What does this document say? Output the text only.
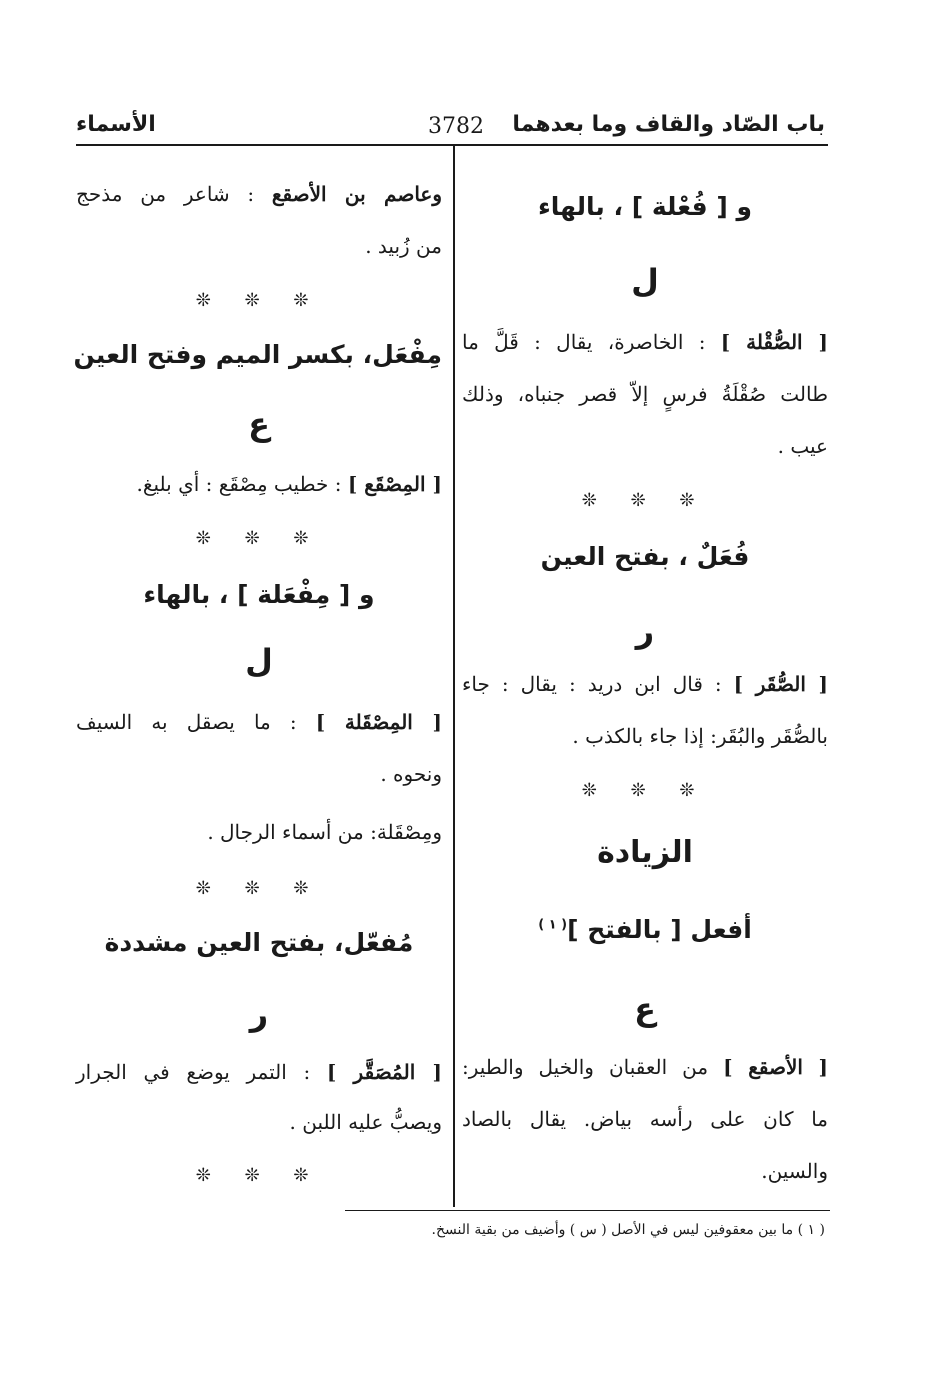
باب الصّاد والقاف وما بعدهما
3782
الأسماء
و [ فُعْلة ] ، بالهاء
ل
[ الصُّقْلة ] : الخاصرة، يقال : قَلَّ ما
طالت صُقْلَةُ فرسٍ إلاّ قصر جنباه، وذلك
عيب .
❊ ❊ ❊
فُعَلٌ ، بفتح العين
ر
[ الصُّقَر ] : قال ابن دريد : يقال : جاء
بالصُّقَر والبُقَر: إذا جاء بالكذب .
❊ ❊ ❊
الزيادة
أفعل [ بالفتح ]$^{( ١ )}$
ع
[ الأصقع ] من العقبان والخيل والطير:
ما كان على رأسه بياض. يقال بالصاد
والسين.
وعاصم بن الأصقع : شاعر من مذحج
من زُبيد .
❊ ❊ ❊
مِفْعَل، بكسر الميم وفتح العين
ع
[ المِصْقَع ] : خطيب مِصْقَع : أي بليغ.
❊ ❊ ❊
و [ مِفْعَلة ] ، بالهاء
ل
[ المِصْقَلة ] : ما يصقل به السيف
ونحوه .
ومِصْقَلة: من أسماء الرجال .
❊ ❊ ❊
مُفعّل، بفتح العين مشددة
ر
[ المُصَقَّر ] : التمر يوضع في الجرار
ويصبُّ عليه اللبن .
❊ ❊ ❊
( ١ ) ما بين معقوفين ليس في الأصل ( س ) وأضيف من بقية النسخ.
